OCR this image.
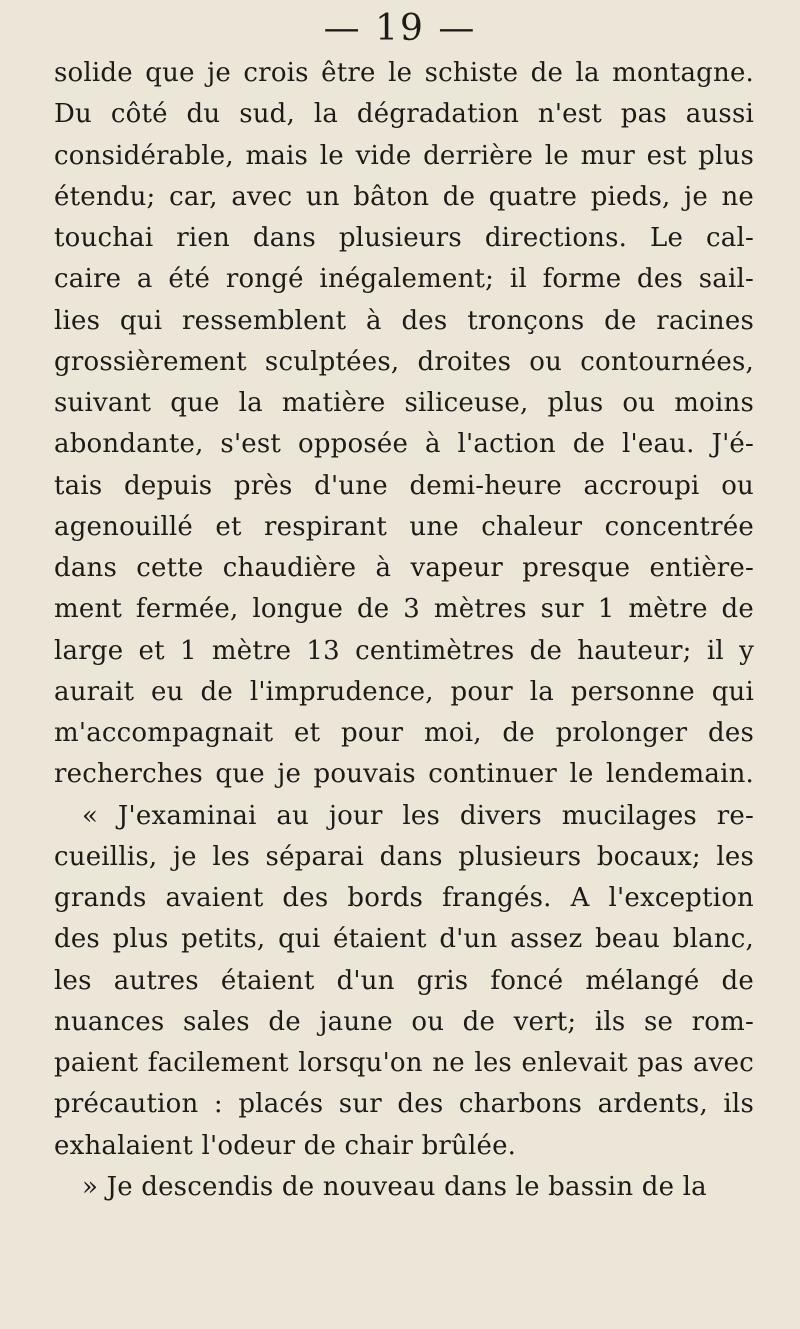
— 19 —
solide que je crois être le schiste de la montagne.
Du côté du sud, la dégradation n'est pas aussi
considérable, mais le vide derrière le mur est plus
étendu; car, avec un bâton de quatre pieds, je ne
touchai rien dans plusieurs directions. Le cal-
caire a été rongé inégalement; il forme des sail-
lies qui ressemblent à des tronçons de racines
grossièrement sculptées, droites ou contournées,
suivant que la matière siliceuse, plus ou moins
abondante, s'est opposée à l'action de l'eau. J'é-
tais depuis près d'une demi-heure accroupi ou
agenouillé et respirant une chaleur concentrée
dans cette chaudière à vapeur presque entière-
ment fermée, longue de 3 mètres sur 1 mètre de
large et 1 mètre 13 centimètres de hauteur; il y
aurait eu de l'imprudence, pour la personne qui
m'accompagnait et pour moi, de prolonger des
recherches que je pouvais continuer le lendemain.
« J'examinai au jour les divers mucilages re-
cueillis, je les séparai dans plusieurs bocaux; les
grands avaient des bords frangés. A l'exception
des plus petits, qui étaient d'un assez beau blanc,
les autres étaient d'un gris foncé mélangé de
nuances sales de jaune ou de vert; ils se rom-
paient facilement lorsqu'on ne les enlevait pas avec
précaution : placés sur des charbons ardents, ils
exhalaient l'odeur de chair brûlée.
» Je descendis de nouveau dans le bassin de la
